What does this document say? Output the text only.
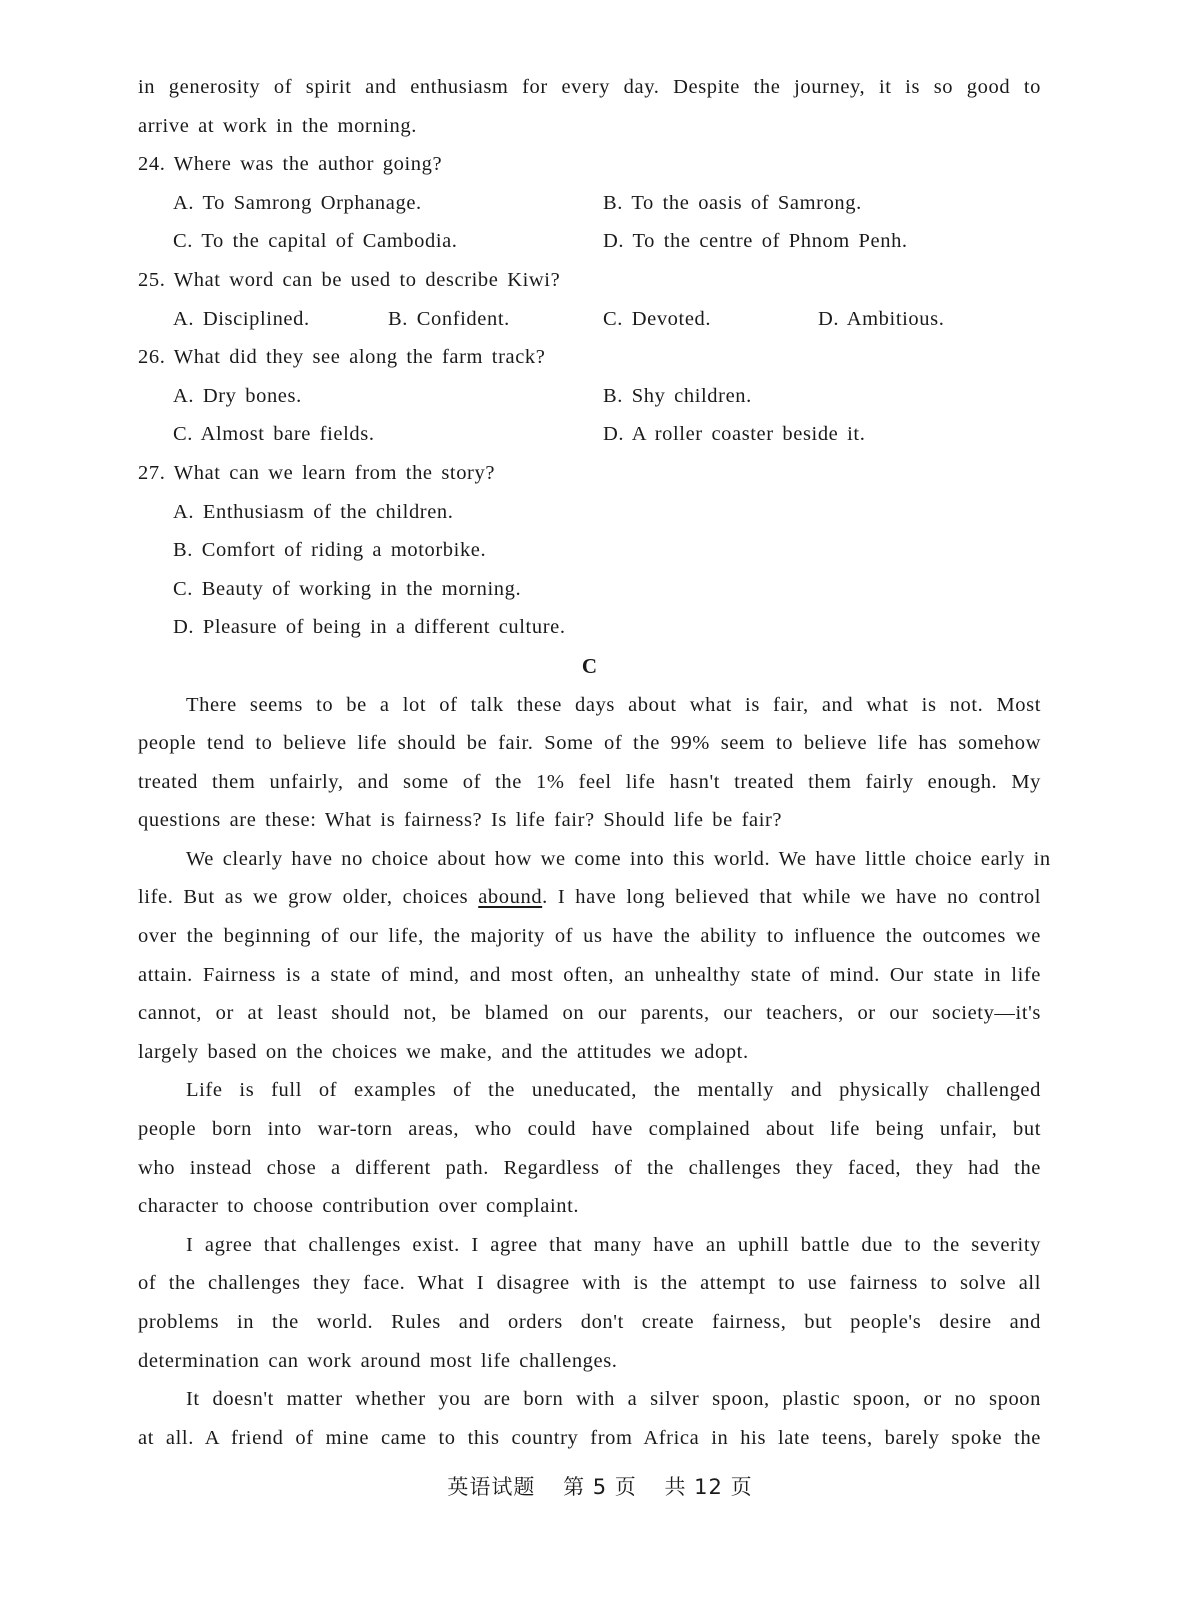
in generosity of spirit and enthusiasm for every day. Despite the journey, it is so good to
arrive at work in the morning.
24. Where was the author going?
A. To Samrong Orphanage.	B. To the oasis of Samrong.
C. To the capital of Cambodia.	D. To the centre of Phnom Penh.
25. What word can be used to describe Kiwi?
A. Disciplined.	B. Confident.	C. Devoted.	D. Ambitious.
26. What did they see along the farm track?
A. Dry bones.	B. Shy children.
C. Almost bare fields.	D. A roller coaster beside it.
27. What can we learn from the story?
A. Enthusiasm of the children.
B. Comfort of riding a motorbike.
C. Beauty of working in the morning.
D. Pleasure of being in a different culture.
C
There seems to be a lot of talk these days about what is fair, and what is not. Most
people tend to believe life should be fair. Some of the 99% seem to believe life has somehow
treated them unfairly, and some of the 1% feel life hasn't treated them fairly enough. My
questions are these: What is fairness? Is life fair? Should life be fair?
We clearly have no choice about how we come into this world. We have little choice early in
life. But as we grow older, choices abound. I have long believed that while we have no control
over the beginning of our life, the majority of us have the ability to influence the outcomes we
attain. Fairness is a state of mind, and most often, an unhealthy state of mind. Our state in life
cannot, or at least should not, be blamed on our parents, our teachers, or our society—it's
largely based on the choices we make, and the attitudes we adopt.
Life is full of examples of the uneducated, the mentally and physically challenged
people born into war-torn areas, who could have complained about life being unfair, but
who instead chose a different path. Regardless of the challenges they faced, they had the
character to choose contribution over complaint.
I agree that challenges exist. I agree that many have an uphill battle due to the severity
of the challenges they face. What I disagree with is the attempt to use fairness to solve all
problems in the world. Rules and orders don't create fairness, but people's desire and
determination can work around most life challenges.
It doesn't matter whether you are born with a silver spoon, plastic spoon, or no spoon
at all. A friend of mine came to this country from Africa in his late teens, barely spoke the
英语试题 第 5 页 共 12 页
